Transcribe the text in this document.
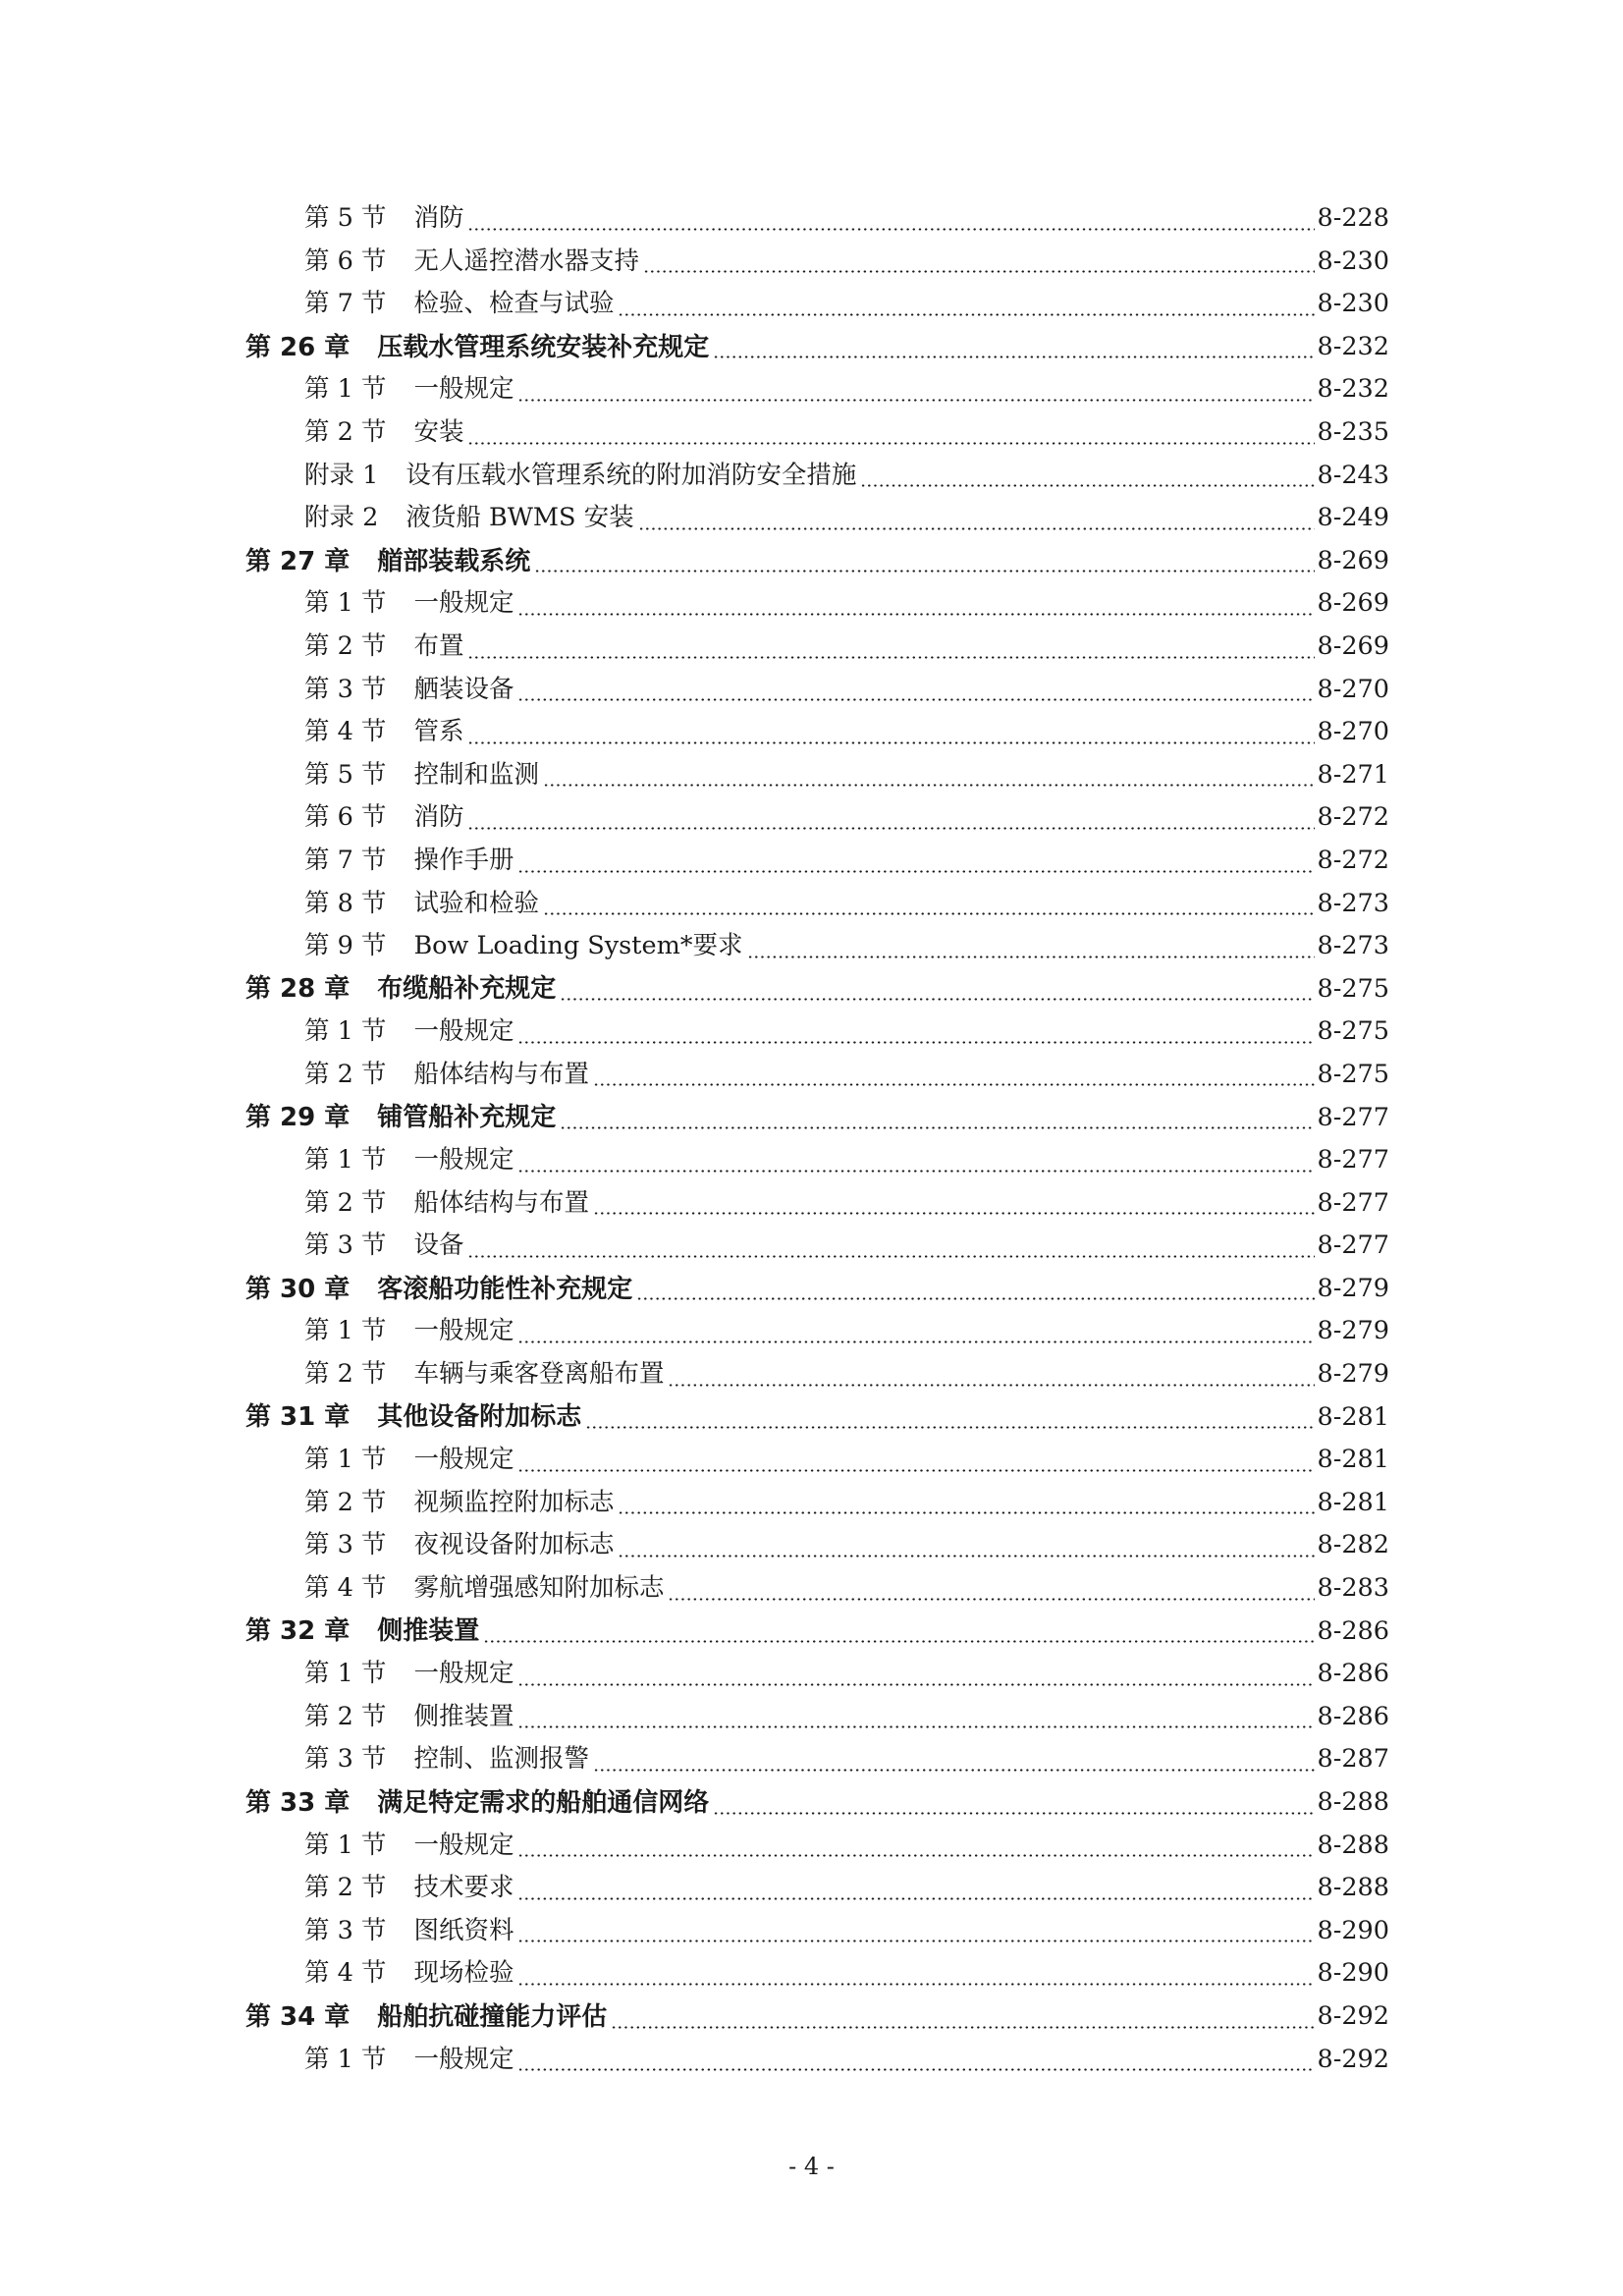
第 5 节 消防	8-228
第 6 节 无人遥控潜水器支持	8-230
第 7 节 检验、检查与试验	8-230
第 26 章 压载水管理系统安装补充规定	8-232
第 1 节 一般规定	8-232
第 2 节 安装	8-235
附录 1 设有压载水管理系统的附加消防安全措施	8-243
附录 2 液货船 BWMS 安装	8-249
第 27 章 艏部装载系统	8-269
第 1 节 一般规定	8-269
第 2 节 布置	8-269
第 3 节 舾装设备	8-270
第 4 节 管系	8-270
第 5 节 控制和监测	8-271
第 6 节 消防	8-272
第 7 节 操作手册	8-272
第 8 节 试验和检验	8-273
第 9 节 Bow Loading System*要求	8-273
第 28 章 布缆船补充规定	8-275
第 1 节 一般规定	8-275
第 2 节 船体结构与布置	8-275
第 29 章 铺管船补充规定	8-277
第 1 节 一般规定	8-277
第 2 节 船体结构与布置	8-277
第 3 节 设备	8-277
第 30 章 客滚船功能性补充规定	8-279
第 1 节 一般规定	8-279
第 2 节 车辆与乘客登离船布置	8-279
第 31 章 其他设备附加标志	8-281
第 1 节 一般规定	8-281
第 2 节 视频监控附加标志	8-281
第 3 节 夜视设备附加标志	8-282
第 4 节 雾航增强感知附加标志	8-283
第 32 章 侧推装置	8-286
第 1 节 一般规定	8-286
第 2 节 侧推装置	8-286
第 3 节 控制、监测报警	8-287
第 33 章 满足特定需求的船舶通信网络	8-288
第 1 节 一般规定	8-288
第 2 节 技术要求	8-288
第 3 节 图纸资料	8-290
第 4 节 现场检验	8-290
第 34 章 船舶抗碰撞能力评估	8-292
第 1 节 一般规定	8-292
- 4 -
